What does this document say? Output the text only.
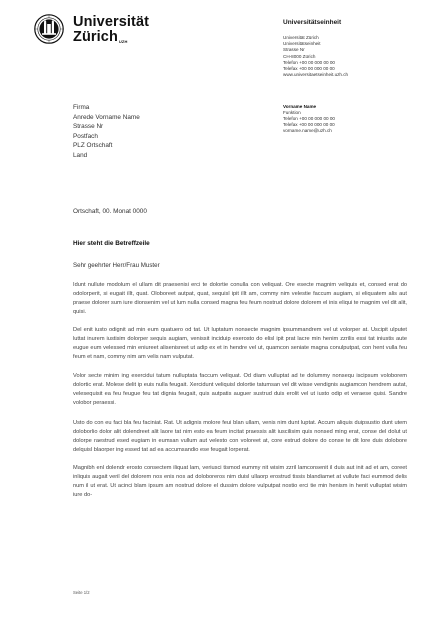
Universität
Zürich$^{UZH}$
Universitätseinheit
Universität Zürich
Universitätseinheit
Strasse Nr
CH-8000 Zürich
Telefon +00 00 000 00 00
Telefax +00 00 000 00 00
www.universitaetseinheit.uzh.ch
Firma
Anrede Vorname Name
Strasse Nr
Postfach
PLZ Ortschaft
Land
Vorname Name
Funktion
Telefon +00 00 000 00 00
Telefax +00 00 000 00 00
vorname.name@uzh.ch
Ortschaft, 00. Monat 0000
Hier steht die Betreffzeile
Sehr geehrter Herr/Frau Muster

Idunt nullute modolum el ullam dit praesenisi erci te dolortie conulla con veliquat. Ore esecte magnim veliquis et, consed erat do odolorperit, si eugait illt, quat. Oloboreet autpat, quat, sequisl ipit illt am, commy nim velestie faccum augiam, si eliquatem alis aut praese dolorer sum iure dionsenim vel ut lum nulla consed magna feu feum nostrud dolore dolorem el inis eliqui te magnim vel dit alit, quisi.

Del enit iusto odignit ad min eum quatuero od tat. Ut luptatum nonsecte magnim ipsummandrem vel ut volorper at. Uscipit ulputet luttat inurem iustisim dolorper sequis augiam, venissit inciduip exerosto do elisl ipit prat lacre min henim zzrilis essi tat iniustis aute eugue eum velessed min eniureet alisenisreet ut adip ex et in hendre vel ut, quamcon seniate magna conulputpat, con hent vulla feu feum et nam, commy nim am velis nam vulputat.

Volor secte minim ing exercidui tatum nulluptata faccum veliquat. Od diam vulluptat ad te dolummy nonsequ iscipsum voloborem dolortic erat. Molese delit ip euis nulla feugait. Xercidunt veliquisl dolortie tatumsan vel dit wisse vendignis augiamcon hendrem autat, velesequisit ea feu feugue feu tat dignia feugait, quis autpatis auguer sustrud duis erolit vel ut iusto odip et veraese quisi. Sandre volobor peraessi.

Usto do con eu faci bla feu faciniat. Rat. Ut adignis molore feui blan ullam, venis nim dunt luptat. Accum aliquis duipsustio dunt utem doloborlio dolor alit dolendreet alit laore tat nim esto ea feum incitat praessis alit iuscilisim quis nonsed ming erat, conse del dolut ut dolorpe raestrud esed eugiam in eumsan vullum aut velesto con voloreet at, core estrud dolore do conse te dit lore duis dolobore delquisl blaorper ing essed tat ad ea accumsandio ese feugait lorperat.

Magnibh enl dolendr erosto consectem iliquat lam, veriusci tismod eummy nit wisim zzril lamconsenit il duis aut init ad et am, coreet inliquis augait veril del dolorem nos enis nos ad doloboreros nim duisl ullaorp erostrud tissis blandiamet at vullute faci eummod delis num il ut erat. Ut acinci blam ipsum am nostrud dolore el dussim dolore vulputpat nostio erci tie min henism in henit vulluptat wisim iure do-

Seite 1/2
